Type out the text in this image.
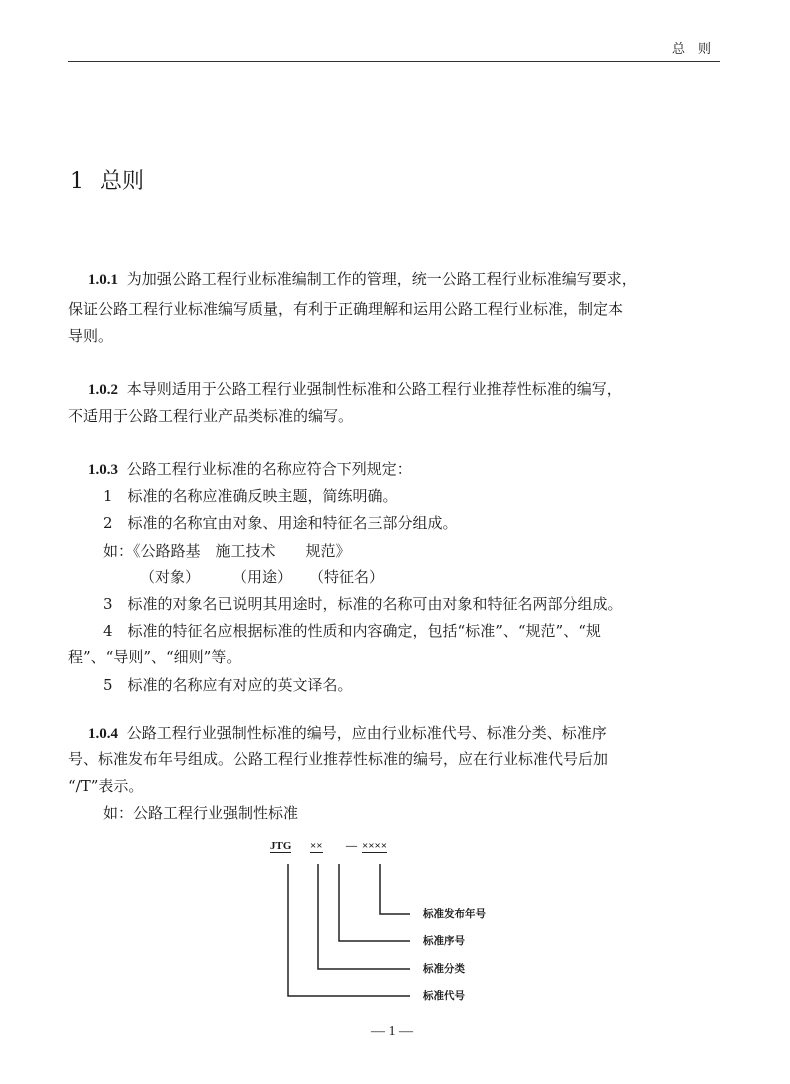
总　则
1 总则
1.0.1 为加强公路工程行业标准编制工作的管理，统一公路工程行业标准编写要求，
保证公路工程行业标准编写质量，有利于正确理解和运用公路工程行业标准，制定本
导则。
1.0.2 本导则适用于公路工程行业强制性标准和公路工程行业推荐性标准的编写，
不适用于公路工程行业产品类标准的编写。
1.0.3 公路工程行业标准的名称应符合下列规定：
1　标准的名称应准确反映主题，简练明确。
2　标准的名称宜由对象、用途和特征名三部分组成。
如：《公路路基　施工技术　　规范》
（对象） （用途） （特征名）
3　标准的对象名已说明其用途时，标准的名称可由对象和特征名两部分组成。
4　标准的特征名应根据标准的性质和内容确定，包括“标准”、“规范”、“规
程”、“导则”、“细则”等。
5　标准的名称应有对应的英文译名。
1.0.4 公路工程行业强制性标准的编号，应由行业标准代号、标准分类、标准序
号、标准发布年号组成。公路工程行业推荐性标准的编号，应在行业标准代号后加
“/T”表示。
如：公路工程行业强制性标准
JTG ×× — ××××
标准发布年号
标准序号
标准分类
标准代号
— 1 —
